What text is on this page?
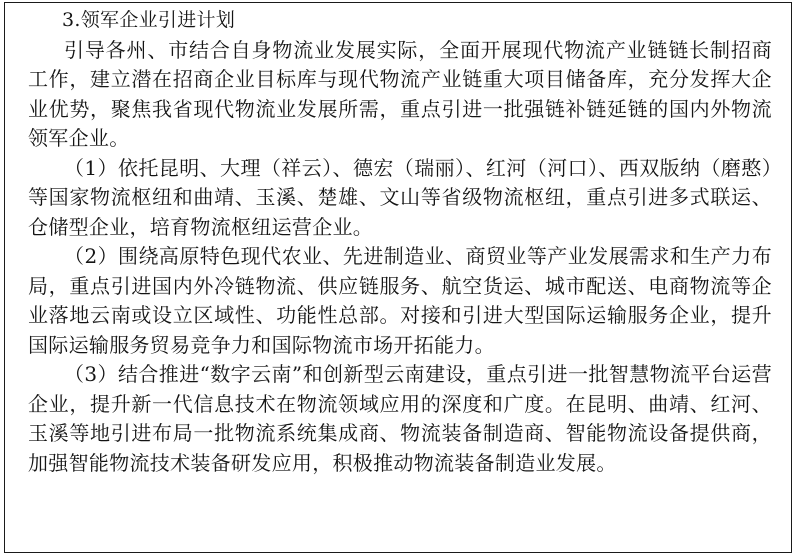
3.领军企业引进计划

引导各州、市结合自身物流业发展实际，全面开展现代物流产业链链长制招商工作，建立潜在招商企业目标库与现代物流产业链重大项目储备库，充分发挥大企业优势，聚焦我省现代物流业发展所需，重点引进一批强链补链延链的国内外物流领军企业。

（1）依托昆明、大理（祥云）、德宏（瑞丽）、红河（河口）、西双版纳（磨憨）等国家物流枢纽和曲靖、玉溪、楚雄、文山等省级物流枢纽，重点引进多式联运、仓储型企业，培育物流枢纽运营企业。

（2）围绕高原特色现代农业、先进制造业、商贸业等产业发展需求和生产力布局，重点引进国内外冷链物流、供应链服务、航空货运、城市配送、电商物流等企业落地云南或设立区域性、功能性总部。对接和引进大型国际运输服务企业，提升国际运输服务贸易竞争力和国际物流市场开拓能力。

（3）结合推进“数字云南”和创新型云南建设，重点引进一批智慧物流平台运营企业，提升新一代信息技术在物流领域应用的深度和广度。在昆明、曲靖、红河、玉溪等地引进布局一批物流系统集成商、物流装备制造商、智能物流设备提供商，加强智能物流技术装备研发应用，积极推动物流装备制造业发展。
